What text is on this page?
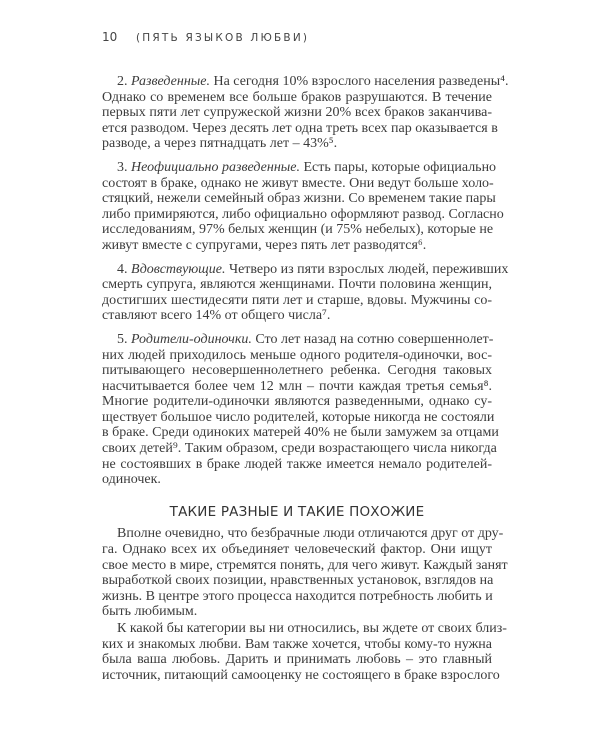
10 (ПЯТЬ ЯЗЫКОВ ЛЮБВИ)
2. Разведенные. На сегодня 10% взрослого населения разведены⁴.
Однако со временем все больше браков разрушаются. В течение
первых пяти лет супружеской жизни 20% всех браков заканчива-
ется разводом. Через десять лет одна треть всех пар оказывается в
разводе, а через пятнадцать лет – 43%⁵.
3. Неофициально разведенные. Есть пары, которые официально
состоят в браке, однако не живут вместе. Они ведут больше холо-
стяцкий, нежели семейный образ жизни. Со временем такие пары
либо примиряются, либо официально оформляют развод. Согласно
исследованиям, 97% белых женщин (и 75% небелых), которые не
живут вместе с супругами, через пять лет разводятся⁶.
4. Вдовствующие. Четверо из пяти взрослых людей, переживших
смерть супруга, являются женщинами. Почти половина женщин,
достигших шестидесяти пяти лет и старше, вдовы. Мужчины со-
ставляют всего 14% от общего числа⁷.
5. Родители-одиночки. Сто лет назад на сотню совершеннолет-
них людей приходилось меньше одного родителя-одиночки, вос-
питывающего несовершеннолетнего ребенка. Сегодня таковых
насчитывается более чем 12 млн – почти каждая третья семья⁸.
Многие родители-одиночки являются разведенными, однако су-
ществует большое число родителей, которые никогда не состояли
в браке. Среди одиноких матерей 40% не были замужем за отцами
своих детей⁹. Таким образом, среди возрастающего числа никогда
не состоявших в браке людей также имеется немало родителей-
одиночек.
ТАКИЕ РАЗНЫЕ И ТАКИЕ ПОХОЖИЕ
Вполне очевидно, что безбрачные люди отличаются друг от дру-
га. Однако всех их объединяет человеческий фактор. Они ищут
свое место в мире, стремятся понять, для чего живут. Каждый занят
выработкой своих позиции, нравственных установок, взглядов на
жизнь. В центре этого процесса находится потребность любить и
быть любимым.
К какой бы категории вы ни относились, вы ждете от своих близ-
ких и знакомых любви. Вам также хочется, чтобы кому-то нужна
была ваша любовь. Дарить и принимать любовь – это главный
источник, питающий самооценку не состоящего в браке взрослого
